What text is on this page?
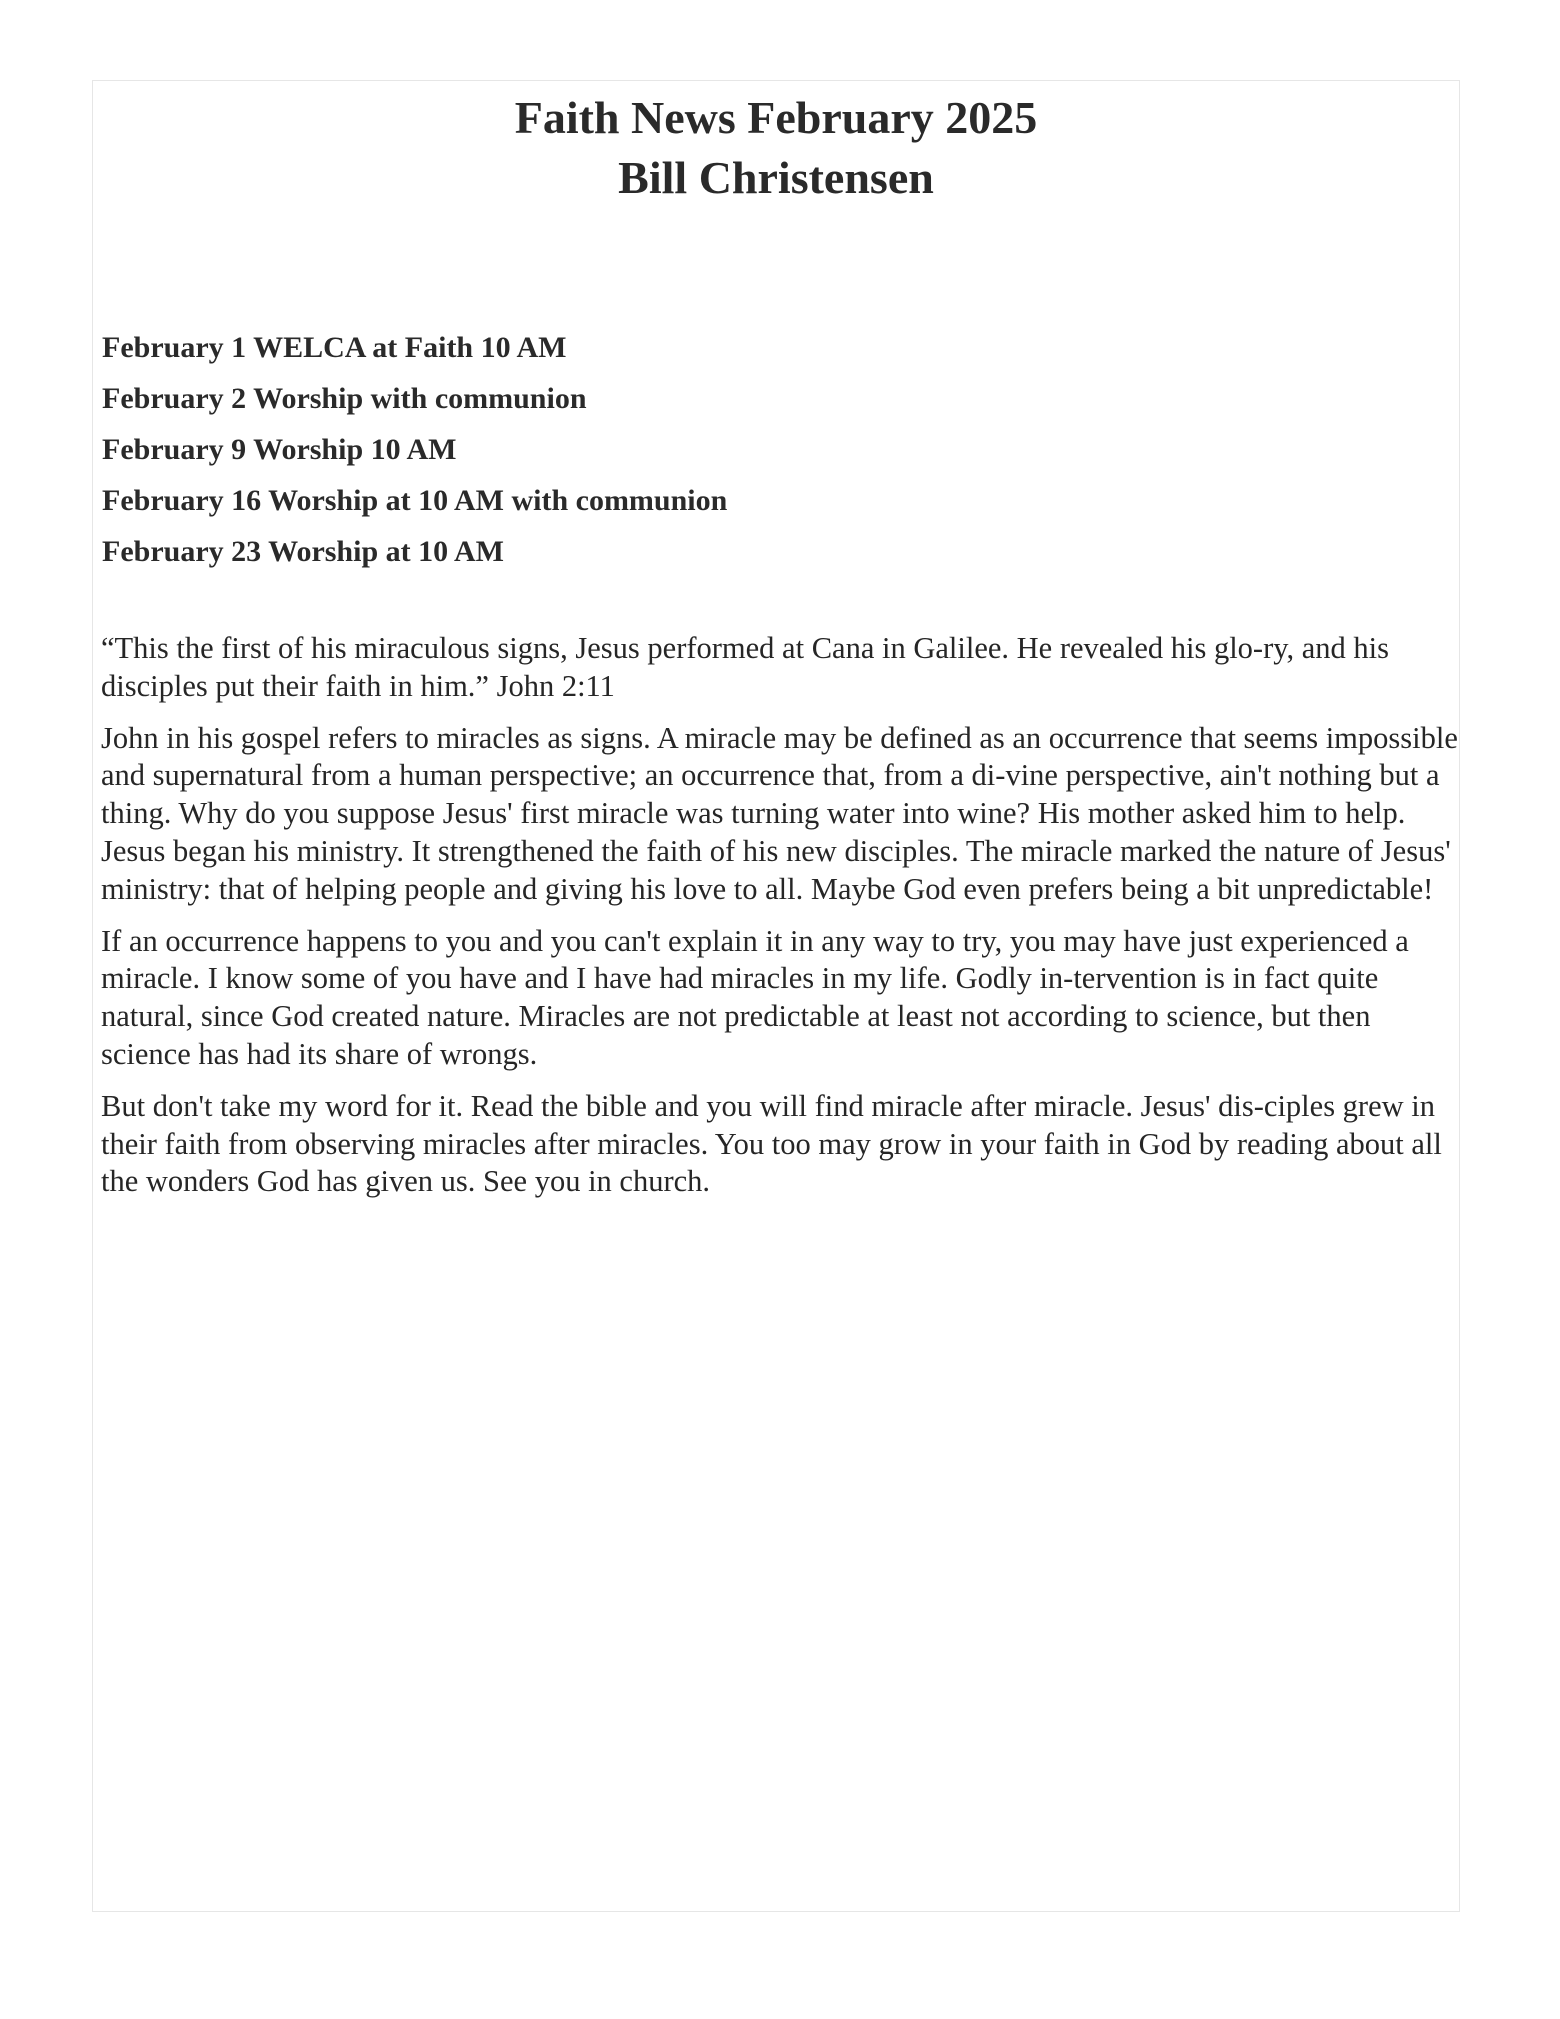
Faith News February 2025
Bill Christensen
February 1 WELCA at Faith 10 AM
February 2 Worship with communion
February 9 Worship 10 AM
February 16 Worship at 10 AM with communion
February 23 Worship at 10 AM

“This the first of his miraculous signs, Jesus performed at Cana in Galilee. He revealed his glo-ry, and his disciples put their faith in him.” John 2:11

John in his gospel refers to miracles as signs. A miracle may be defined as an occurrence that seems impossible and supernatural from a human perspective; an occurrence that, from a di-vine perspective, ain't nothing but a thing. Why do you suppose Jesus' first miracle was turning water into wine? His mother asked him to help. Jesus began his ministry. It strengthened the faith of his new disciples. The miracle marked the nature of Jesus' ministry: that of helping people and giving his love to all. Maybe God even prefers being a bit unpredictable!

If an occurrence happens to you and you can't explain it in any way to try, you may have just experienced a miracle. I know some of you have and I have had miracles in my life. Godly in-tervention is in fact quite natural, since God created nature. Miracles are not predictable at least not according to science, but then science has had its share of wrongs.

But don't take my word for it. Read the bible and you will find miracle after miracle. Jesus' dis-ciples grew in their faith from observing miracles after miracles. You too may grow in your faith in God by reading about all the wonders God has given us. See you in church.
